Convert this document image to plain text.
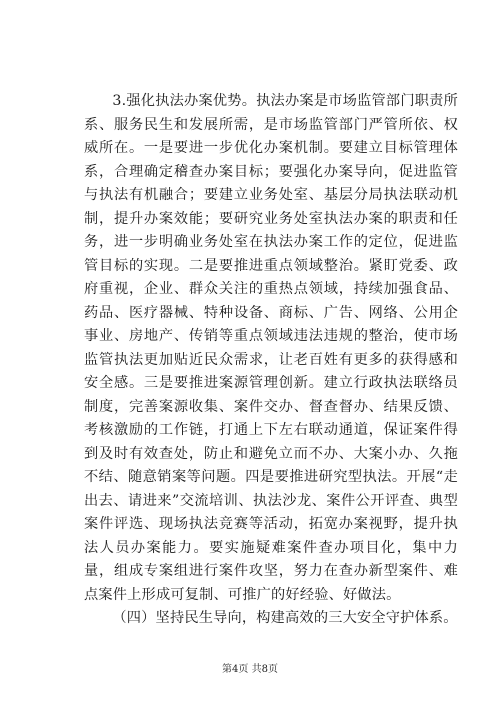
3.强化执法办案优势。执法办案是市场监管部门职责所系、服务民生和发展所需，是市场监管部门严管所依、权威所在。一是要进一步优化办案机制。要建立目标管理体系，合理确定稽查办案目标；要强化办案导向，促进监管与执法有机融合；要建立业务处室、基层分局执法联动机制，提升办案效能；要研究业务处室执法办案的职责和任务，进一步明确业务处室在执法办案工作的定位，促进监管目标的实现。二是要推进重点领域整治。紧盯党委、政府重视，企业、群众关注的重热点领域，持续加强食品、药品、医疗器械、特种设备、商标、广告、网络、公用企事业、房地产、传销等重点领域违法违规的整治，使市场监管执法更加贴近民众需求，让老百姓有更多的获得感和安全感。三是要推进案源管理创新。建立行政执法联络员制度，完善案源收集、案件交办、督查督办、结果反馈、考核激励的工作链，打通上下左右联动通道，保证案件得到及时有效查处，防止和避免立而不办、大案小办、久拖不结、随意销案等问题。四是要推进研究型执法。开展“走出去、请进来”交流培训、执法沙龙、案件公开评查、典型案件评选、现场执法竞赛等活动，拓宽办案视野，提升执法人员办案能力。要实施疑难案件查办项目化，集中力量，组成专案组进行案件攻坚，努力在查办新型案件、难点案件上形成可复制、可推广的好经验、好做法。

（四）坚持民生导向，构建高效的三大安全守护体系。

第4页 共8页
